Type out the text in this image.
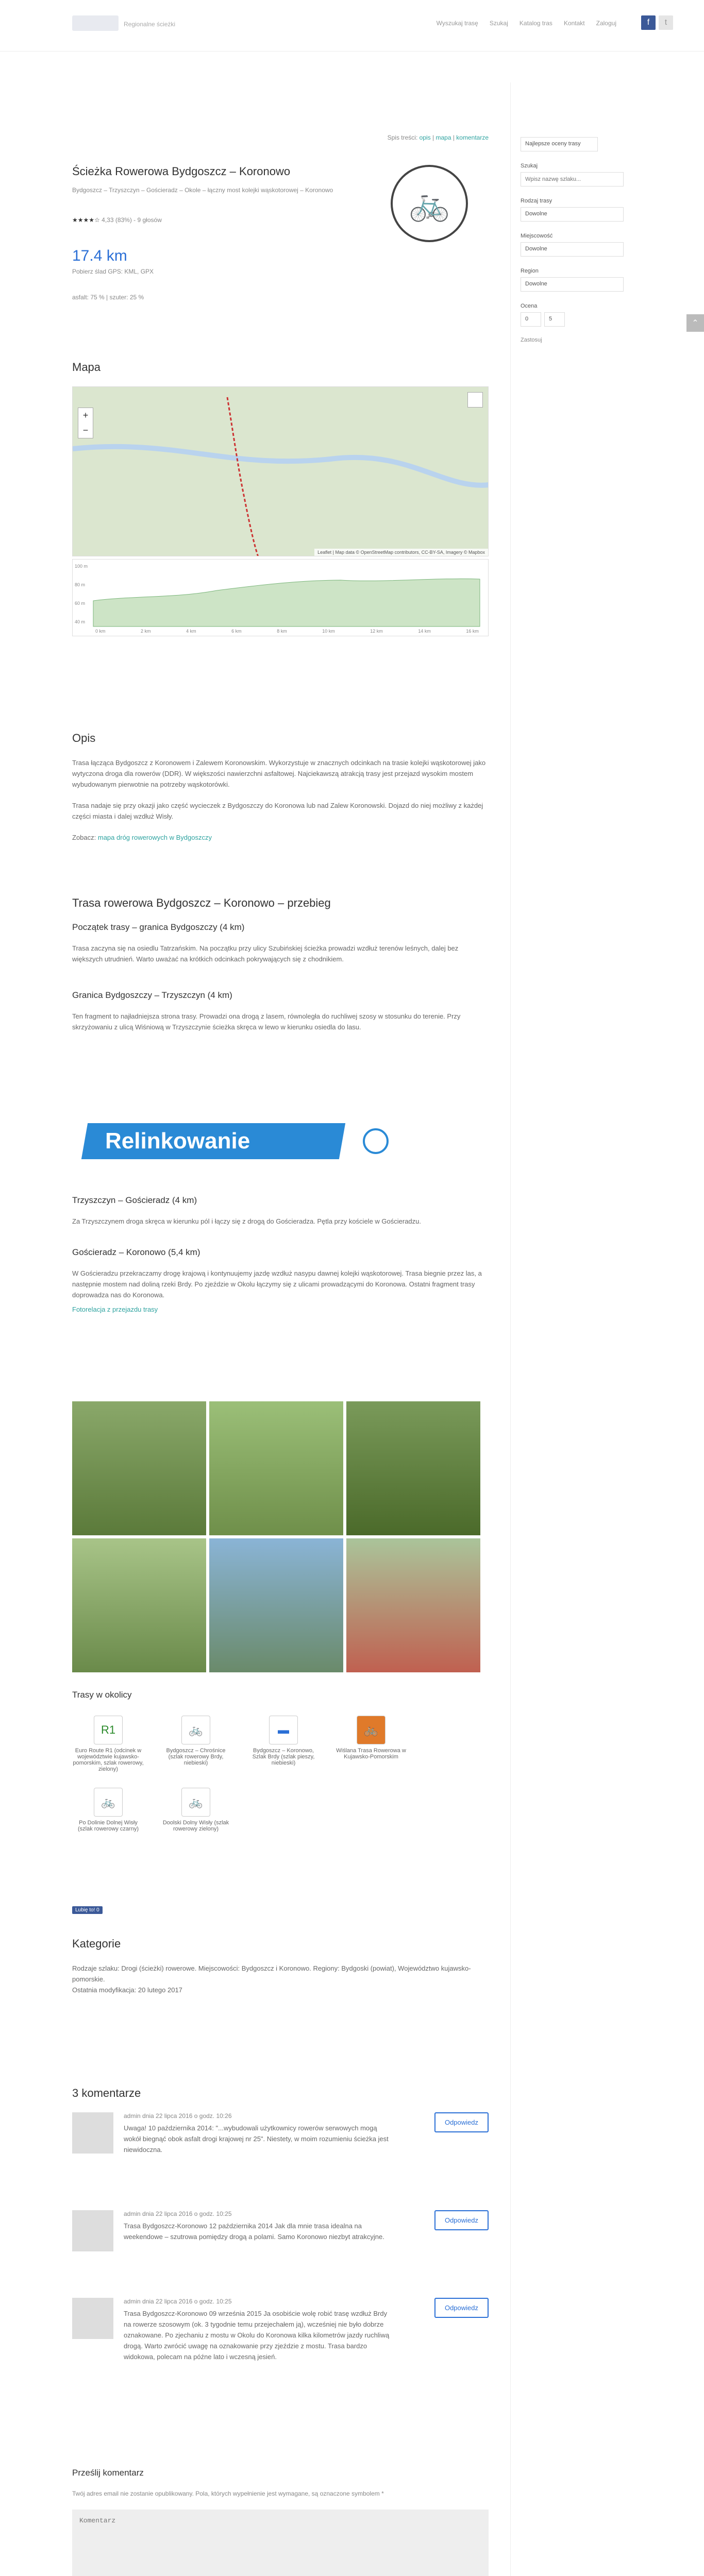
Regionalne ścieżki	Wyszukaj trasę Szukaj Katalog tras Kontakt Zaloguj	f	t
Spis treści: opis | mapa | komentarze
Ścieżka Rowerowa Bydgoszcz – Koronowo
Bydgoszcz – Trzyszczyn – Gościeradz – Okole – łączny most kolejki wąskotorowej – Koronowo
★★★★☆ 4,33 (83%) - 9 głosów
17.4 km
Pobierz ślad GPS: KML, GPX
asfalt: 75 % | szuter: 25 %
🚲
Mapa
+
−
Leaflet | Map data © OpenStreetMap contributors, CC-BY-SA, Imagery © Mapbox
0 km	2 km	4 km	6 km	8 km	10 km	12 km	14 km	16 km
100 m
80 m
60 m
40 m
Opis

Trasa łącząca Bydgoszcz z Koronowem i Zalewem Koronowskim. Wykorzystuje w znacznych odcinkach na trasie kolejki wąskotorowej jako wytyczona droga dla rowerów (DDR). W większości nawierzchni asfaltowej. Najciekawszą atrakcją trasy jest przejazd wysokim mostem wybudowanym pierwotnie na potrzeby wąskotorówki.

Trasa nadaje się przy okazji jako część wycieczek z Bydgoszczy do Koronowa lub nad Zalew Koronowski. Dojazd do niej możliwy z każdej części miasta i dalej wzdłuż Wisły.

Zobacz: mapa dróg rowerowych w Bydgoszczy

Trasa rowerowa Bydgoszcz – Koronowo – przebieg
Początek trasy – granica Bydgoszczy (4 km)

Trasa zaczyna się na osiedlu Tatrzańskim. Na początku przy ulicy Szubińskiej ścieżka prowadzi wzdłuż terenów leśnych, dalej bez większych utrudnień. Warto uważać na krótkich odcinkach pokrywających się z chodnikiem.

Granica Bydgoszczy – Trzyszczyn (4 km)

Ten fragment to najładniejsza strona trasy. Prowadzi ona drogą z lasem, równoległa do ruchliwej szosy w stosunku do terenie. Przy skrzyżowaniu z ulicą Wiśniową w Trzyszczynie ścieżka skręca w lewo w kierunku osiedla do lasu.

Relinkowanie
Trzyszczyn – Gościeradz (4 km)

Za Trzyszczynem droga skręca w kierunku pól i łączy się z drogą do Gościeradza. Pętla przy kościele w Gościeradzu.

Gościeradz – Koronowo (5,4 km)

W Gościeradzu przekraczamy drogę krajową i kontynuujemy jazdę wzdłuż nasypu dawnej kolejki wąskotorowej. Trasa biegnie przez las, a następnie mostem nad doliną rzeki Brdy. Po zjeździe w Okolu łączymy się z ulicami prowadzącymi do Koronowa. Ostatni fragment trasy doprowadza nas do Koronowa.

Fotorelacja z przejazdu trasy
Trasy w okolicy
R1
Euro Route R1 (odcinek w województwie kujawsko-pomorskim, szlak rowerowy, zielony)
🚲
Bydgoszcz – Chrośnice (szlak rowerowy Brdy, niebieski)
▬
Bydgoszcz – Koronowo, Szlak Brdy (szlak pieszy, niebieski)
🚲
Wiślana Trasa Rowerowa w Kujawsko-Pomorskim
🚲
Po Dolinie Dolnej Wisły (szlak rowerowy czarny)
🚲
Doolski Dolny Wisły (szlak rowerowy zielony)
Lubię to! 0
Kategorie

Rodzaje szlaku: Drogi (ścieżki) rowerowe. Miejscowości: Bydgoszcz i Koronowo. Regiony: Bydgoski (powiat), Województwo kujawsko-pomorskie.

Ostatnia modyfikacja: 20 lutego 2017

3 komentarze
admin dnia 22 lipca 2016 o godz. 10:26

Uwaga! 10 października 2014: "...wybudowali użytkownicy rowerów serwowych mogą wokół biegnąć obok asfalt drogi krajowej nr 25". Niestety, w moim rozumieniu ścieżka jest niewidoczna.

Odpowiedz
admin dnia 22 lipca 2016 o godz. 10:25

Trasa Bydgoszcz-Koronowo 12 października 2014 Jak dla mnie trasa idealna na weekendowe – szutrowa pomiędzy drogą a polami. Samo Koronowo niezbyt atrakcyjne.

Odpowiedz
admin dnia 22 lipca 2016 o godz. 10:25

Trasa Bydgoszcz-Koronowo 09 września 2015 Ja osobiście wolę robić trasę wzdłuż Brdy na rowerze szosowym (ok. 3 tygodnie temu przejechałem ją), wcześniej nie było dobrze oznakowane. Po zjechaniu z mostu w Okolu do Koronowa kilka kilometrów jazdy ruchliwą drogą. Warto zwrócić uwagę na oznakowanie przy zjeździe z mostu. Trasa bardzo widokowa, polecam na późne lato i wczesną jesień.

Odpowiedz
Prześlij komentarz

Twój adres email nie zostanie opublikowany. Pola, których wypełnienie jest wymagane, są oznaczone symbolem *

Komentarz
Najlepsze oceny trasy
Szukaj
Wpisz nazwę szlaku...
Rodzaj trasy
Dowolne
Miejscowość
Dowolne
Region
Dowolne
Ocena
0	5
Zastosuj
⌃
